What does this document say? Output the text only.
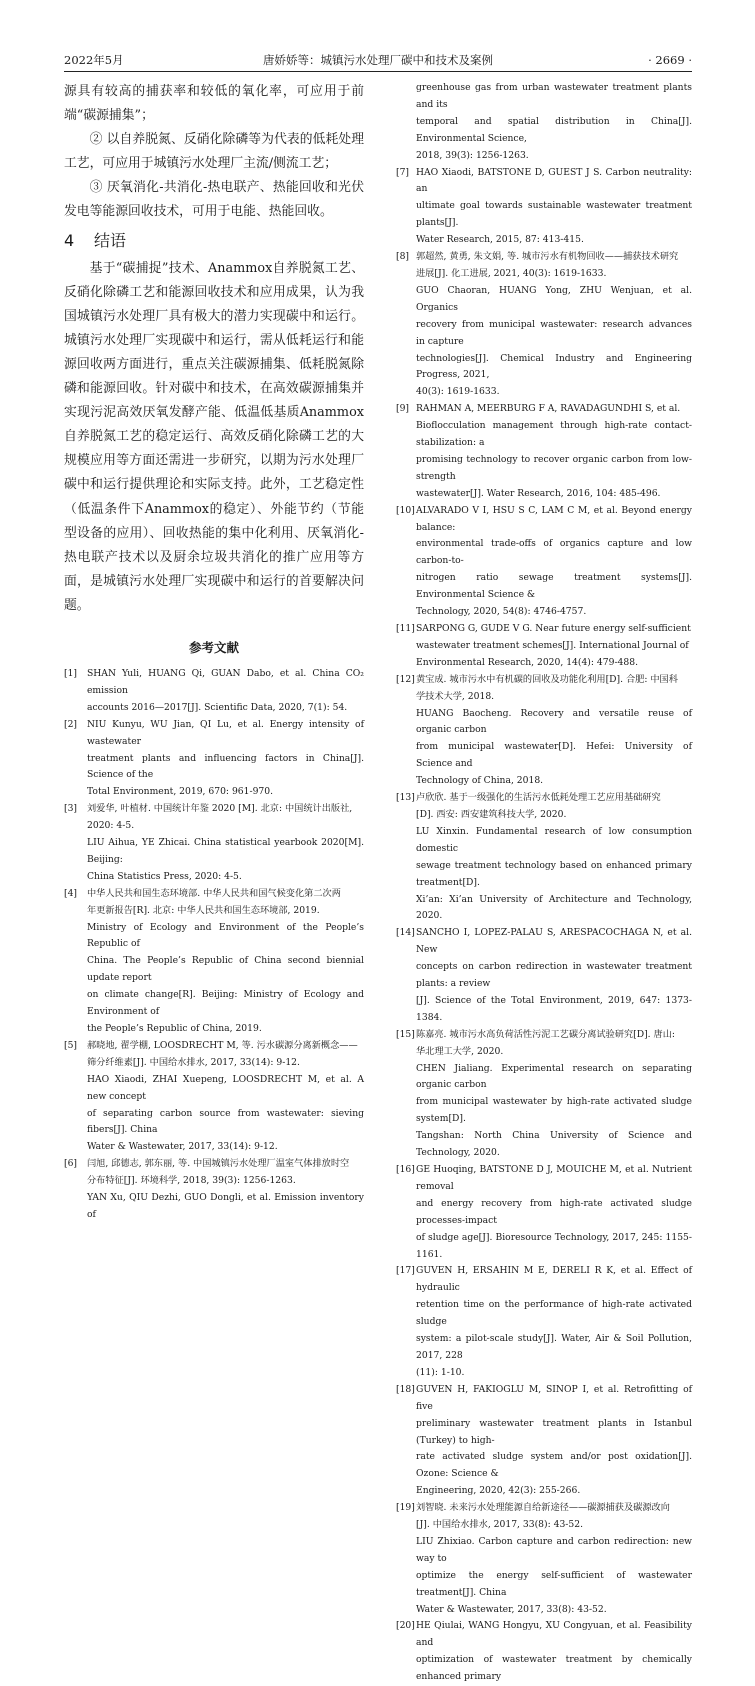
2022年5月	唐娇娇等：城镇污水处理厂碳中和技术及案例	· 2669 ·

源具有较高的捕获率和较低的氧化率，可应用于前端“碳源捕集”；

② 以自养脱氮、反硝化除磷等为代表的低耗处理工艺，可应用于城镇污水处理厂主流/侧流工艺；

③ 厌氧消化-共消化-热电联产、热能回收和光伏发电等能源回收技术，可用于电能、热能回收。

4 结语

基于“碳捕捉”技术、Anammox自养脱氮工艺、反硝化除磷工艺和能源回收技术和应用成果，认为我国城镇污水处理厂具有极大的潜力实现碳中和运行。城镇污水处理厂实现碳中和运行，需从低耗运行和能源回收两方面进行，重点关注碳源捕集、低耗脱氮除磷和能源回收。针对碳中和技术，在高效碳源捕集并实现污泥高效厌氧发酵产能、低温低基质Anammox自养脱氮工艺的稳定运行、高效反硝化除磷工艺的大规模应用等方面还需进一步研究，以期为污水处理厂碳中和运行提供理论和实际支持。此外，工艺稳定性（低温条件下Anammox的稳定）、外能节约（节能型设备的应用）、回收热能的集中化利用、厌氧消化-热电联产技术以及厨余垃圾共消化的推广应用等方面，是城镇污水处理厂实现碳中和运行的首要解决问题。

参考文献
[1] SHAN Yuli, HUANG Qi, GUAN Dabo, et al. China CO₂ emission
accounts 2016—2017[J]. Scientific Data, 2020, 7(1): 54.
[2] NIU Kunyu, WU Jian, QI Lu, et al. Energy intensity of wastewater
treatment plants and influencing factors in China[J]. Science of the
Total Environment, 2019, 670: 961-970.
[3] 刘爱华, 叶植材. 中国统计年鉴 2020 [M]. 北京: 中国统计出版社,
2020: 4-5.
LIU Aihua, YE Zhicai. China statistical yearbook 2020[M]. Beijing:
China Statistics Press, 2020: 4-5.
[4] 中华人民共和国生态环境部. 中华人民共和国气候变化第二次两
年更新报告[R]. 北京: 中华人民共和国生态环境部, 2019.
Ministry of Ecology and Environment of the People’s Republic of
China. The People’s Republic of China second biennial update report
on climate change[R]. Beijing: Ministry of Ecology and Environment of
the People’s Republic of China, 2019.
[5] 郝晓地, 翟学棚, LOOSDRECHT M, 等. 污水碳源分离新概念——
筛分纤维素[J]. 中国给水排水, 2017, 33(14): 9-12.
HAO Xiaodi, ZHAI Xuepeng, LOOSDRECHT M, et al. A new concept
of separating carbon source from wastewater: sieving fibers[J]. China
Water & Wastewater, 2017, 33(14): 9-12.
[6] 闫旭, 邱德志, 郭东丽, 等. 中国城镇污水处理厂温室气体排放时空
分布特征[J]. 环境科学, 2018, 39(3): 1256-1263.
YAN Xu, QIU Dezhi, GUO Dongli, et al. Emission inventory of
greenhouse gas from urban wastewater treatment plants and its
temporal and spatial distribution in China[J]. Environmental Science,
2018, 39(3): 1256-1263.
[7] HAO Xiaodi, BATSTONE D, GUEST J S. Carbon neutrality: an
ultimate goal towards sustainable wastewater treatment plants[J].
Water Research, 2015, 87: 413-415.
[8] 郭超然, 黄勇, 朱文娟, 等. 城市污水有机物回收——捕获技术研究
进展[J]. 化工进展, 2021, 40(3): 1619-1633.
GUO Chaoran, HUANG Yong, ZHU Wenjuan, et al. Organics
recovery from municipal wastewater: research advances in capture
technologies[J]. Chemical Industry and Engineering Progress, 2021,
40(3): 1619-1633.
[9] RAHMAN A, MEERBURG F A, RAVADAGUNDHI S, et al.
Bioflocculation management through high-rate contact-stabilization: a
promising technology to recover organic carbon from low-strength
wastewater[J]. Water Research, 2016, 104: 485-496.
[10] ALVARADO V I, HSU S C, LAM C M, et al. Beyond energy balance:
environmental trade-offs of organics capture and low carbon-to-
nitrogen ratio sewage treatment systems[J]. Environmental Science &
Technology, 2020, 54(8): 4746-4757.
[11] SARPONG G, GUDE V G. Near future energy self-sufficient
wastewater treatment schemes[J]. International Journal of
Environmental Research, 2020, 14(4): 479-488.
[12] 黄宝成. 城市污水中有机碳的回收及功能化利用[D]. 合肥: 中国科
学技术大学, 2018.
HUANG Baocheng. Recovery and versatile reuse of organic carbon
from municipal wastewater[D]. Hefei: University of Science and
Technology of China, 2018.
[13] 卢欣欣. 基于一级强化的生活污水低耗处理工艺应用基础研究
[D]. 西安: 西安建筑科技大学, 2020.
LU Xinxin. Fundamental research of low consumption domestic
sewage treatment technology based on enhanced primary treatment[D].
Xi’an: Xi’an University of Architecture and Technology, 2020.
[14] SANCHO I, LOPEZ-PALAU S, ARESPACOCHAGA N, et al. New
concepts on carbon redirection in wastewater treatment plants: a review
[J]. Science of the Total Environment, 2019, 647: 1373-1384.
[15] 陈嘉亮. 城市污水高负荷活性污泥工艺碳分离试验研究[D]. 唐山:
华北理工大学, 2020.
CHEN Jialiang. Experimental research on separating organic carbon
from municipal wastewater by high-rate activated sludge system[D].
Tangshan: North China University of Science and Technology, 2020.
[16] GE Huoqing, BATSTONE D J, MOUICHE M, et al. Nutrient removal
and energy recovery from high-rate activated sludge processes-impact
of sludge age[J]. Bioresource Technology, 2017, 245: 1155-1161.
[17] GUVEN H, ERSAHIN M E, DERELI R K, et al. Effect of hydraulic
retention time on the performance of high-rate activated sludge
system: a pilot-scale study[J]. Water, Air & Soil Pollution, 2017, 228
(11): 1-10.
[18] GUVEN H, FAKIOGLU M, SINOP I, et al. Retrofitting of five
preliminary wastewater treatment plants in Istanbul (Turkey) to high-
rate activated sludge system and/or post oxidation[J]. Ozone: Science &
Engineering, 2020, 42(3): 255-266.
[19] 刘智晓. 未来污水处理能源自给新途径——碳源捕获及碳源改向
[J]. 中国给水排水, 2017, 33(8): 43-52.
LIU Zhixiao. Carbon capture and carbon redirection: new way to
optimize the energy self-sufficient of wastewater treatment[J]. China
Water & Wastewater, 2017, 33(8): 43-52.
[20] HE Qiulai, WANG Hongyu, XU Congyuan, et al. Feasibility and
optimization of wastewater treatment by chemically enhanced primary
